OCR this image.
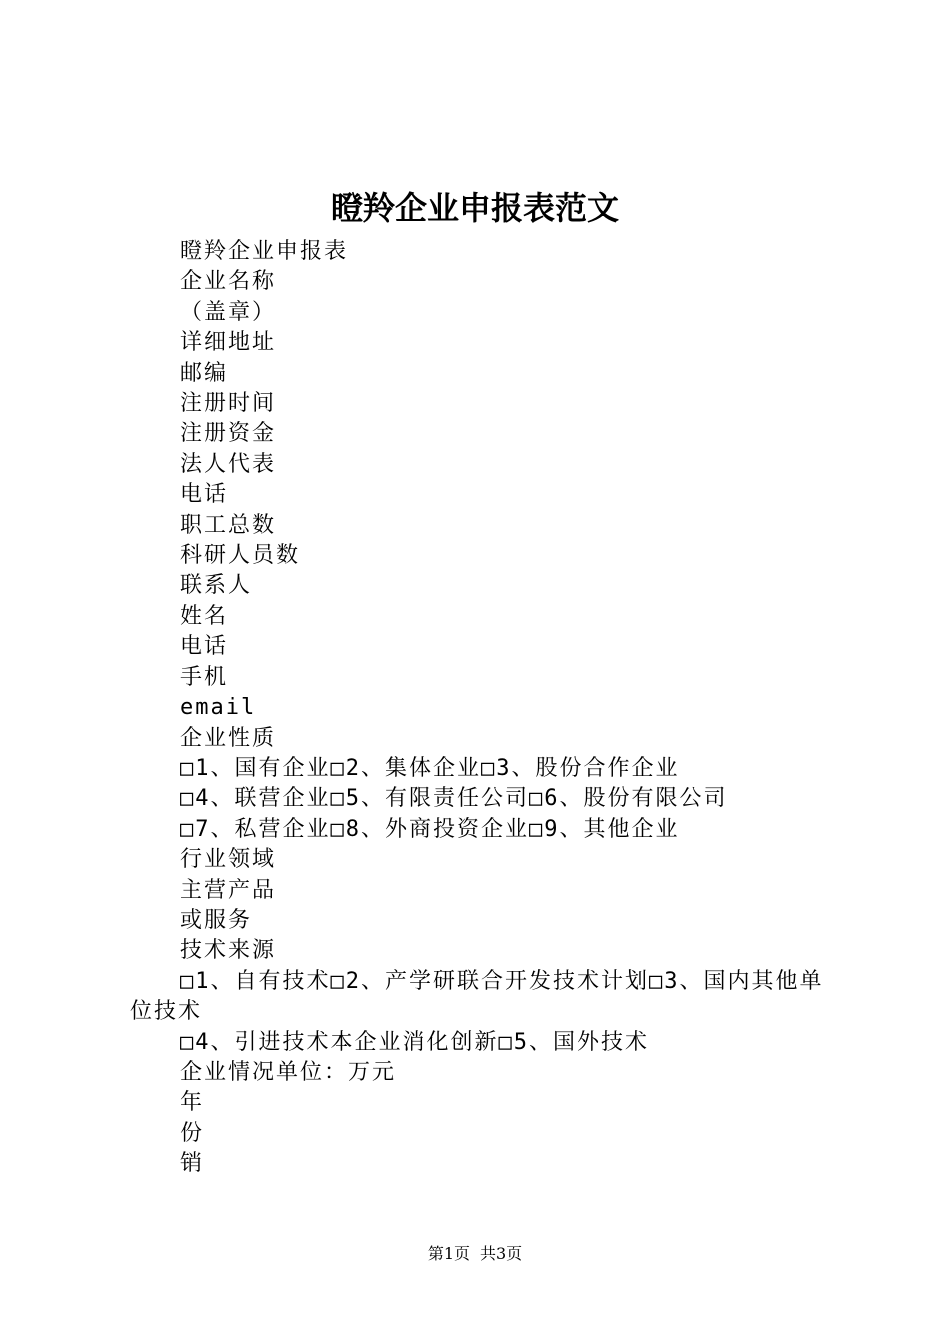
瞪羚企业申报表范文

瞪羚企业申报表

企业名称

（盖章）

详细地址

邮编

注册时间

注册资金

法人代表

电话

职工总数

科研人员数

联系人

姓名

电话

手机

email

企业性质

□1、国有企业□2、集体企业□3、股份合作企业

□4、联营企业□5、有限责任公司□6、股份有限公司

□7、私营企业□8、外商投资企业□9、其他企业

行业领域

主营产品

或服务

技术来源

□1、自有技术□2、产学研联合开发技术计划□3、国内其他单位技术

□4、引进技术本企业消化创新□5、国外技术

企业情况单位：万元

年

份

销

第1页 共3页
